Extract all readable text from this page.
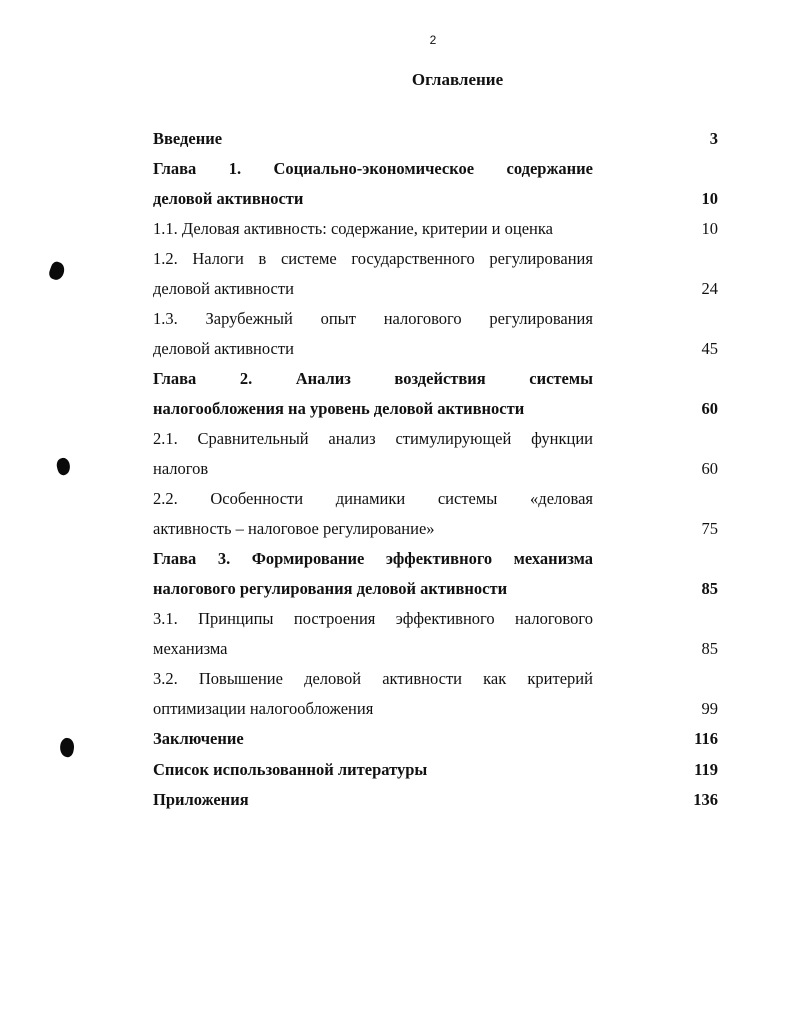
2
Оглавление
Введение	3
Глава 1. Социально-экономическое содержание
деловой активности	10
1.1. Деловая активность: содержание, критерии и оценка	10
1.2. Налоги в системе государственного регулирования
деловой активности	24
1.3. Зарубежный опыт налогового регулирования
деловой активности	45
Глава	2.	Анализ	воздействия	системы
налогообложения на уровень деловой активности	60
2.1. Сравнительный анализ стимулирующей функции
налогов	60
2.2. Особенности динамики системы «деловая
активность – налоговое регулирование»	75
Глава 3. Формирование эффективного механизма
налогового регулирования деловой активности	85
3.1. Принципы построения эффективного налогового
механизма	85
3.2. Повышение деловой активности как критерий
оптимизации налогообложения	99
Заключение	116
Список использованной литературы	119
Приложения	136
